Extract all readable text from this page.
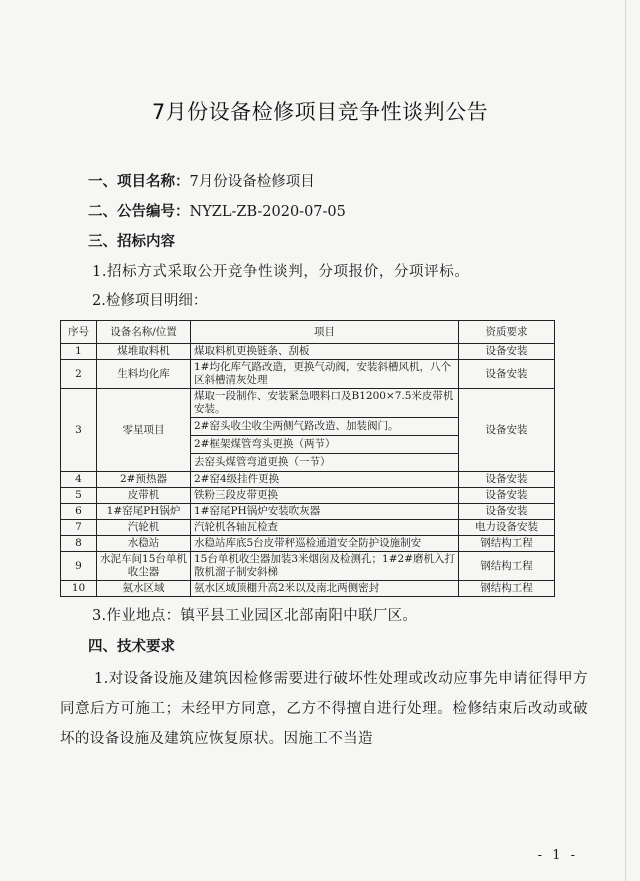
7月份设备检修项目竞争性谈判公告
一、项目名称：7月份设备检修项目
二、公告编号：NYZL-ZB-2020-07-05
三、招标内容
1.招标方式采取公开竞争性谈判，分项报价，分项评标。
2.检修项目明细：
序号	设备名称/位置	项目	资质要求
1	煤堆取料机	煤取料机更换链条、刮板	设备安装
2	生料均化库	1#均化库气路改造，更换气动阀，安装斜槽风机，八个区斜槽清灰处理	设备安装
3	零星项目	煤取一段制作、安装紧急喂料口及B1200×7.5米皮带机安装。	设备安装
		2#窑头收尘收尘两侧气路改造、加装阀门。	
		2#框架煤管弯头更换（两节）	
		去窑头煤管弯道更换（一节）	
4	2#预热器	2#窑4级挂件更换	设备安装
5	皮带机	铁粉三段皮带更换	设备安装
6	1#窑尾PH锅炉	1#窑尾PH锅炉安装吹灰器	设备安装
7	汽轮机	汽轮机各轴瓦检查	电力设备安装
8	水稳站	水稳站库底5台皮带秤巡检通道安全防护设施制安	钢结构工程
9	水泥车间15台单机收尘器	15台单机收尘器加装3米烟囱及检测孔；1#2#磨机入打散机溜子制安斜梯	钢结构工程
10	氨水区域	氨水区域顶棚升高2米以及南北两侧密封	钢结构工程
3.作业地点：镇平县工业园区北部南阳中联厂区。
四、技术要求
1.对设备设施及建筑因检修需要进行破坏性处理或改动应事先申请征得甲方同意后方可施工；未经甲方同意，乙方不得擅自进行处理。检修结束后改动或破坏的设备设施及建筑应恢复原状。因施工不当造
- 1 -
